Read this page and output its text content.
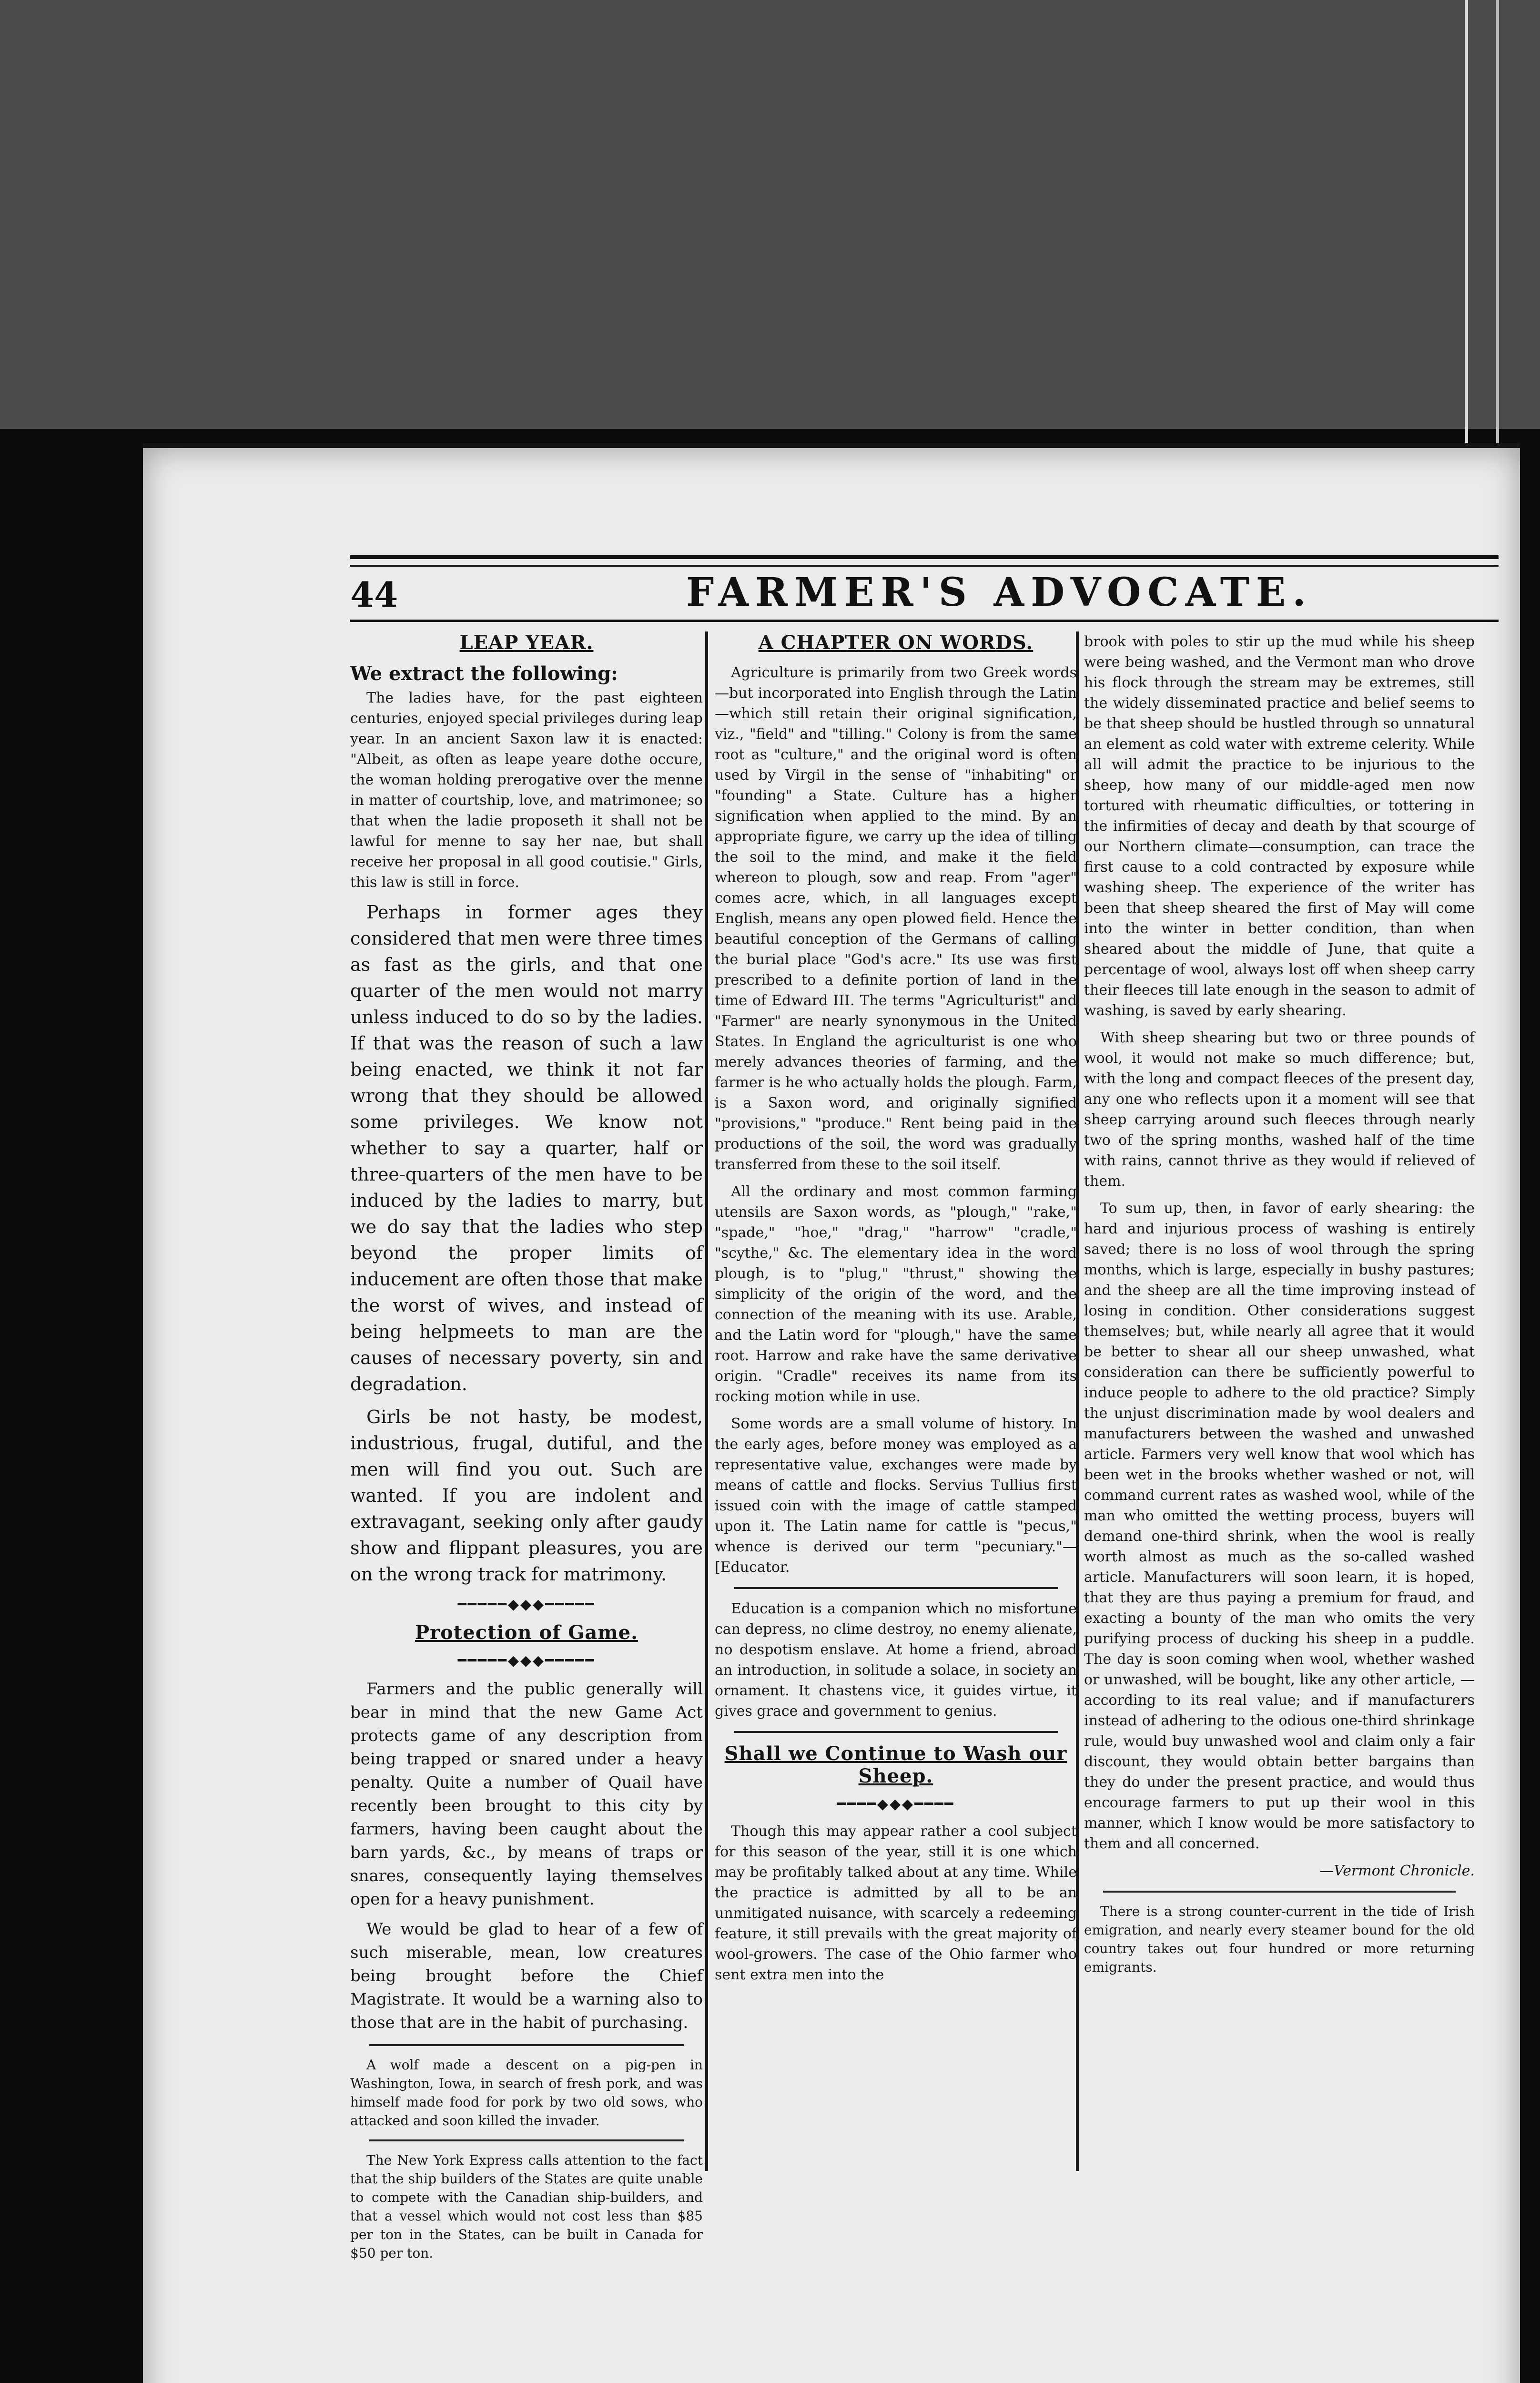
44	FARMER'S ADVOCATE.
LEAP YEAR.

We extract the following:

The ladies have, for the past eighteen centuries, enjoyed special privileges during leap year. In an ancient Saxon law it is enacted: "Albeit, as often as leape yeare dothe occure, the woman holding prerogative over the menne in matter of courtship, love, and matrimonee; so that when the ladie proposeth it shall not be lawful for menne to say her nae, but shall receive her proposal in all good coutisie." Girls, this law is still in force.

Perhaps in former ages they considered that men were three times as fast as the girls, and that one quarter of the men would not marry unless induced to do so by the ladies. If that was the reason of such a law being enacted, we think it not far wrong that they should be allowed some privileges. We know not whether to say a quarter, half or three-quarters of the men have to be induced by the ladies to marry, but we do say that the ladies who step beyond the proper limits of inducement are often those that make the worst of wives, and instead of being helpmeets to man are the causes of necessary poverty, sin and degradation.

Girls be not hasty, be modest, industrious, frugal, dutiful, and the men will find you out. Such are wanted. If you are indolent and extravagant, seeking only after gaudy show and flippant pleasures, you are on the wrong track for matrimony.

━━━━━◆◆◆━━━━━
Protection of Game.
━━━━━◆◆◆━━━━━

Farmers and the public generally will bear in mind that the new Game Act protects game of any description from being trapped or snared under a heavy penalty. Quite a number of Quail have recently been brought to this city by farmers, having been caught about the barn yards, &c., by means of traps or snares, consequently laying themselves open for a heavy punishment.

We would be glad to hear of a few of such miserable, mean, low creatures being brought before the Chief Magistrate. It would be a warning also to those that are in the habit of purchasing.

A wolf made a descent on a pig-pen in Washington, Iowa, in search of fresh pork, and was himself made food for pork by two old sows, who attacked and soon killed the invader.

The New York Express calls attention to the fact that the ship builders of the States are quite unable to compete with the Canadian ship-builders, and that a vessel which would not cost less than $85 per ton in the States, can be built in Canada for $50 per ton.

A CHAPTER ON WORDS.

Agriculture is primarily from two Greek words—but incorporated into English through the Latin—which still retain their original signification, viz., "field" and "tilling." Colony is from the same root as "culture," and the original word is often used by Virgil in the sense of "inhabiting" or "founding" a State. Culture has a higher signification when applied to the mind. By an appropriate figure, we carry up the idea of tilling the soil to the mind, and make it the field whereon to plough, sow and reap. From "ager" comes acre, which, in all languages except English, means any open plowed field. Hence the beautiful conception of the Germans of calling the burial place "God's acre." Its use was first prescribed to a definite portion of land in the time of Edward III. The terms "Agriculturist" and "Farmer" are nearly synonymous in the United States. In England the agriculturist is one who merely advances theories of farming, and the farmer is he who actually holds the plough. Farm, is a Saxon word, and originally signified "provisions," "produce." Rent being paid in the productions of the soil, the word was gradually transferred from these to the soil itself.

All the ordinary and most common farming utensils are Saxon words, as "plough," "rake," "spade," "hoe," "drag," "harrow" "cradle," "scythe," &c. The elementary idea in the word plough, is to "plug," "thrust," showing the simplicity of the origin of the word, and the connection of the meaning with its use. Arable, and the Latin word for "plough," have the same root. Harrow and rake have the same derivative origin. "Cradle" receives its name from its rocking motion while in use.

Some words are a small volume of history. In the early ages, before money was employed as a representative value, exchanges were made by means of cattle and flocks. Servius Tullius first issued coin with the image of cattle stamped upon it. The Latin name for cattle is "pecus," whence is derived our term "pecuniary."—[Educator.

Education is a companion which no misfortune can depress, no clime destroy, no enemy alienate, no despotism enslave. At home a friend, abroad an introduction, in solitude a solace, in society an ornament. It chastens vice, it guides virtue, it gives grace and government to genius.

Shall we Continue to Wash our Sheep.
━━━━◆◆◆━━━━

Though this may appear rather a cool subject for this season of the year, still it is one which may be profitably talked about at any time. While the practice is admitted by all to be an unmitigated nuisance, with scarcely a redeeming feature, it still prevails with the great majority of wool-growers. The case of the Ohio farmer who sent extra men into the

brook with poles to stir up the mud while his sheep were being washed, and the Vermont man who drove his flock through the stream may be extremes, still the widely disseminated practice and belief seems to be that sheep should be hustled through so unnatural an element as cold water with extreme celerity. While all will admit the practice to be injurious to the sheep, how many of our middle-aged men now tortured with rheumatic difficulties, or tottering in the infirmities of decay and death by that scourge of our Northern climate—consumption, can trace the first cause to a cold contracted by exposure while washing sheep. The experience of the writer has been that sheep sheared the first of May will come into the winter in better condition, than when sheared about the middle of June, that quite a percentage of wool, always lost off when sheep carry their fleeces till late enough in the season to admit of washing, is saved by early shearing.

With sheep shearing but two or three pounds of wool, it would not make so much difference; but, with the long and compact fleeces of the present day, any one who reflects upon it a moment will see that sheep carrying around such fleeces through nearly two of the spring months, washed half of the time with rains, cannot thrive as they would if relieved of them.

To sum up, then, in favor of early shearing: the hard and injurious process of washing is entirely saved; there is no loss of wool through the spring months, which is large, especially in bushy pastures; and the sheep are all the time improving instead of losing in condition. Other considerations suggest themselves; but, while nearly all agree that it would be better to shear all our sheep unwashed, what consideration can there be sufficiently powerful to induce people to adhere to the old practice? Simply the unjust discrimination made by wool dealers and manufacturers between the washed and unwashed article. Farmers very well know that wool which has been wet in the brooks whether washed or not, will command current rates as washed wool, while of the man who omitted the wetting process, buyers will demand one-third shrink, when the wool is really worth almost as much as the so-called washed article. Manufacturers will soon learn, it is hoped, that they are thus paying a premium for fraud, and exacting a bounty of the man who omits the very purifying process of ducking his sheep in a puddle. The day is soon coming when wool, whether washed or unwashed, will be bought, like any other article, —according to its real value; and if manufacturers instead of adhering to the odious one-third shrinkage rule, would buy unwashed wool and claim only a fair discount, they would obtain better bargains than they do under the present practice, and would thus encourage farmers to put up their wool in this manner, which I know would be more satisfactory to them and all concerned.

—Vermont Chronicle.

There is a strong counter-current in the tide of Irish emigration, and nearly every steamer bound for the old country takes out four hundred or more returning emigrants.
